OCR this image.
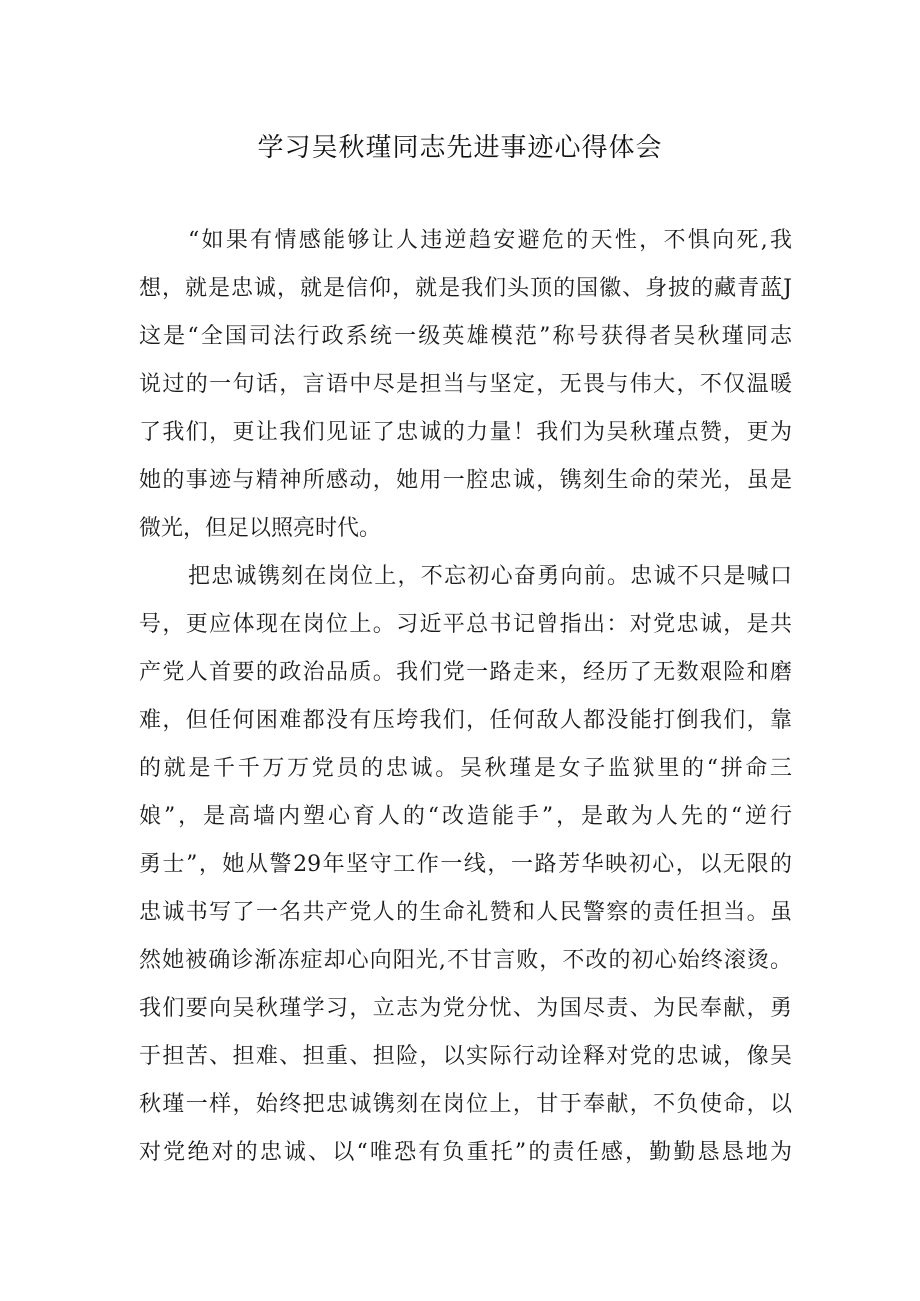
学习吴秋瑾同志先进事迹心得体会
“如果有情感能够让人违逆趋安避危的天性，不惧向死,我
想，就是忠诚，就是信仰，就是我们头顶的国徽、身披的藏青蓝J
这是“全国司法行政系统一级英雄模范”称号获得者吴秋瑾同志
说过的一句话，言语中尽是担当与坚定，无畏与伟大，不仅温暖
了我们，更让我们见证了忠诚的力量！我们为吴秋瑾点赞，更为
她的事迹与精神所感动，她用一腔忠诚，镌刻生命的荣光，虽是
微光，但足以照亮时代。
把忠诚镌刻在岗位上，不忘初心奋勇向前。忠诚不只是喊口
号，更应体现在岗位上。习近平总书记曾指出：对党忠诚，是共
产党人首要的政治品质。我们党一路走来，经历了无数艰险和磨
难，但任何困难都没有压垮我们，任何敌人都没能打倒我们，靠
的就是千千万万党员的忠诚。吴秋瑾是女子监狱里的“拼命三
娘”，是高墙内塑心育人的“改造能手”，是敢为人先的“逆行
勇士”，她从警29年坚守工作一线，一路芳华映初心，以无限的
忠诚书写了一名共产党人的生命礼赞和人民警察的责任担当。虽
然她被确诊渐冻症却心向阳光,不甘言败，不改的初心始终滚烫。
我们要向吴秋瑾学习，立志为党分忧、为国尽责、为民奉献，勇
于担苦、担难、担重、担险，以实际行动诠释对党的忠诚，像吴
秋瑾一样，始终把忠诚镌刻在岗位上，甘于奉献，不负使命，以
对党绝对的忠诚、以“唯恐有负重托”的责任感，勤勤恳恳地为
